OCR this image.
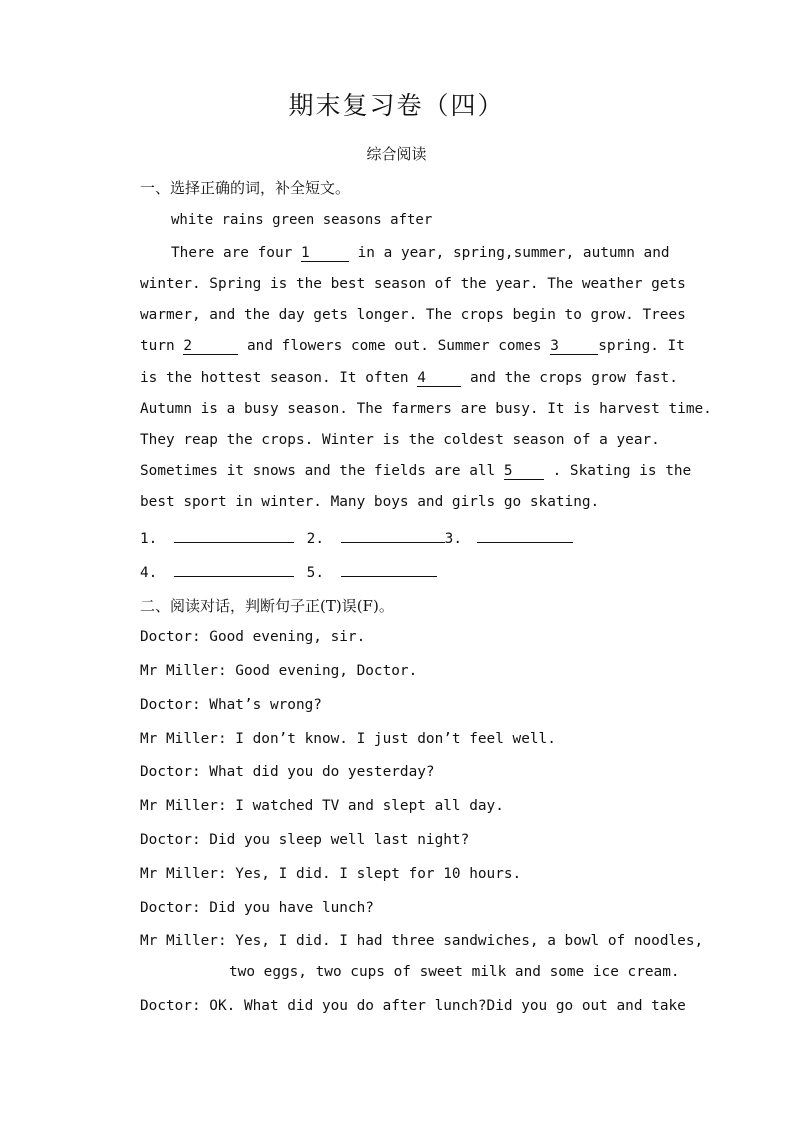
期末复习卷（四）
综合阅读
一、选择正确的词，补全短文。
white rains green seasons after
There are four 1	in a year, spring,summer, autumn and
winter. Spring is the best season of the year. The weather gets
warmer, and the day gets longer. The crops begin to grow. Trees
turn 2	and flowers come out. Summer comes 3	spring. It
is the hottest season. It often 4	and the crops grow fast.
Autumn is a busy season. The farmers are busy. It is harvest time.
They reap the crops. Winter is the coldest season of a year.
Sometimes it snows and the fields are all 5	. Skating is the
best sport in winter. Many boys and girls go skating.
1.	2.	3.
4.	5.
二、阅读对话，判断句子正(T)误(F)。
Doctor: Good evening, sir.
Mr Miller: Good evening, Doctor.
Doctor: What’s wrong?
Mr Miller: I don’t know. I just don’t feel well.
Doctor: What did you do yesterday?
Mr Miller: I watched TV and slept all day.
Doctor: Did you sleep well last night?
Mr Miller: Yes, I did. I slept for 10 hours.
Doctor: Did you have lunch?
Mr Miller: Yes, I did. I had three sandwiches, a bowl of noodles,
two eggs, two cups of sweet milk and some ice cream.
Doctor: OK. What did you do after lunch?Did you go out and take
